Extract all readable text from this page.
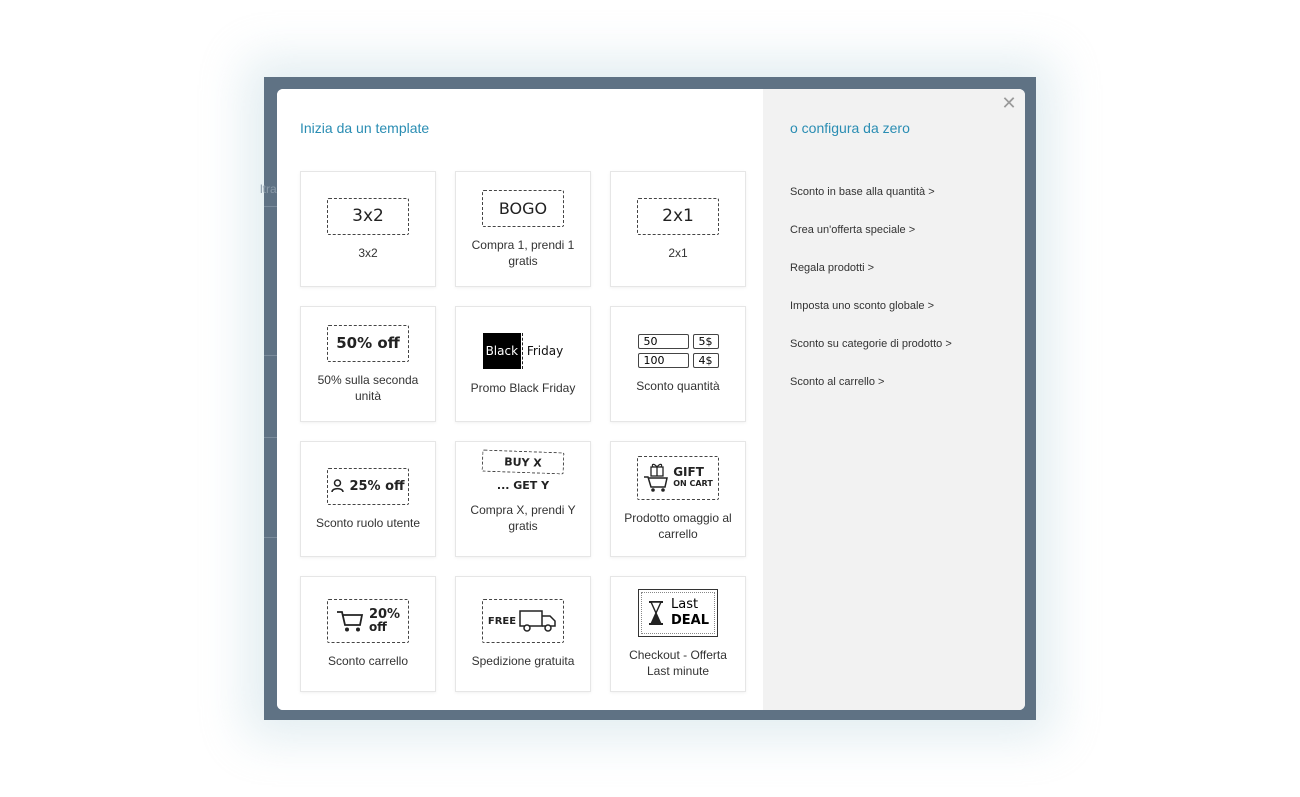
ltra
Inizia da un template
3x2
3x2
BOGO
Compra 1, prendi 1 gratis
2x1
2x1
50% off
50% sulla seconda unità
Black Friday
Promo Black Friday
50	5$
100	4$
Sconto quantità
25% off
Sconto ruolo utente
BUY X
... GET Y
Compra X, prendi Y gratis
GIFT
ON CART
Prodotto omaggio al carrello
20%
off
Sconto carrello
FREE
Spedizione gratuita
Last
DEAL
Checkout - Offerta Last minute
✕
o configura da zero
Sconto in base alla quantità >
Crea un'offerta speciale >
Regala prodotti >
Imposta uno sconto globale >
Sconto su categorie di prodotto >
Sconto al carrello >
